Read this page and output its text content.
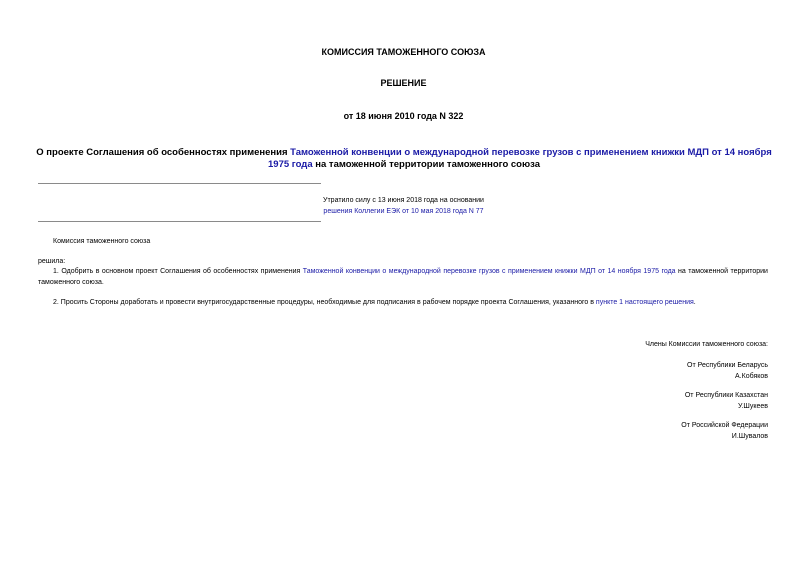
КОМИССИЯ ТАМОЖЕННОГО СОЮЗА
РЕШЕНИЕ
от 18 июня 2010 года N 322
О проекте Соглашения об особенностях применения Таможенной конвенции о международной перевозке грузов с применением книжки МДП от 14 ноября 1975 года на таможенной территории таможенного союза
Утратило силу с 13 июня 2018 года на основании
решения Коллегии ЕЭК от 10 мая 2018 года N 77
Комиссия таможенного союза
решила:
1. Одобрить в основном проект Соглашения об особенностях применения Таможенной конвенции о международной перевозке грузов с применением книжки МДП от 14 ноября 1975 года на таможенной территории таможенного союза.
2. Просить Стороны доработать и провести внутригосударственные процедуры, необходимые для подписания в рабочем порядке проекта Соглашения, указанного в пункте 1 настоящего решения.
Члены Комиссии таможенного союза:
От Республики Беларусь
А.Кобяков
От Республики Казахстан
У.Шукеев
От Российской Федерации
И.Шувалов
